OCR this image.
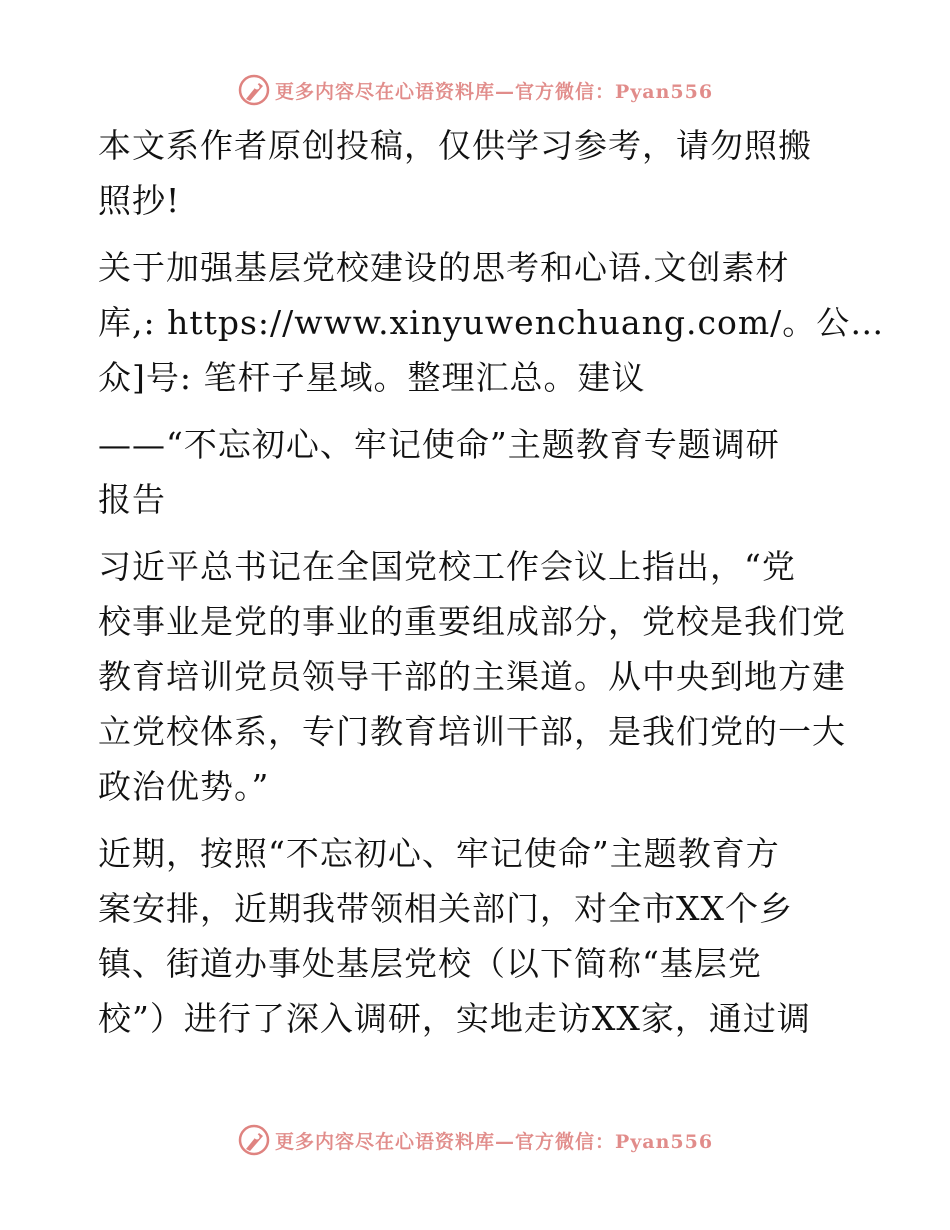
更多内容尽在心语资料库—官方微信：Pyan556

本文系作者原创投稿，仅供学习参考，请勿照搬
照抄!

关于加强基层党校建设的思考和心语.文创素材
库,: https://www.xinyuwenchuang.com/。公…
众]号: 笔杆子星域。整理汇总。建议

——“不忘初心、牢记使命”主题教育专题调研
报告

习近平总书记在全国党校工作会议上指出，“党
校事业是党的事业的重要组成部分，党校是我们党
教育培训党员领导干部的主渠道。从中央到地方建
立党校体系，专门教育培训干部，是我们党的一大
政治优势。”

近期，按照“不忘初心、牢记使命”主题教育方
案安排，近期我带领相关部门，对全市XX个乡
镇、街道办事处基层党校（以下简称“基层党
校”）进行了深入调研，实地走访XX家，通过调

更多内容尽在心语资料库—官方微信：Pyan556
